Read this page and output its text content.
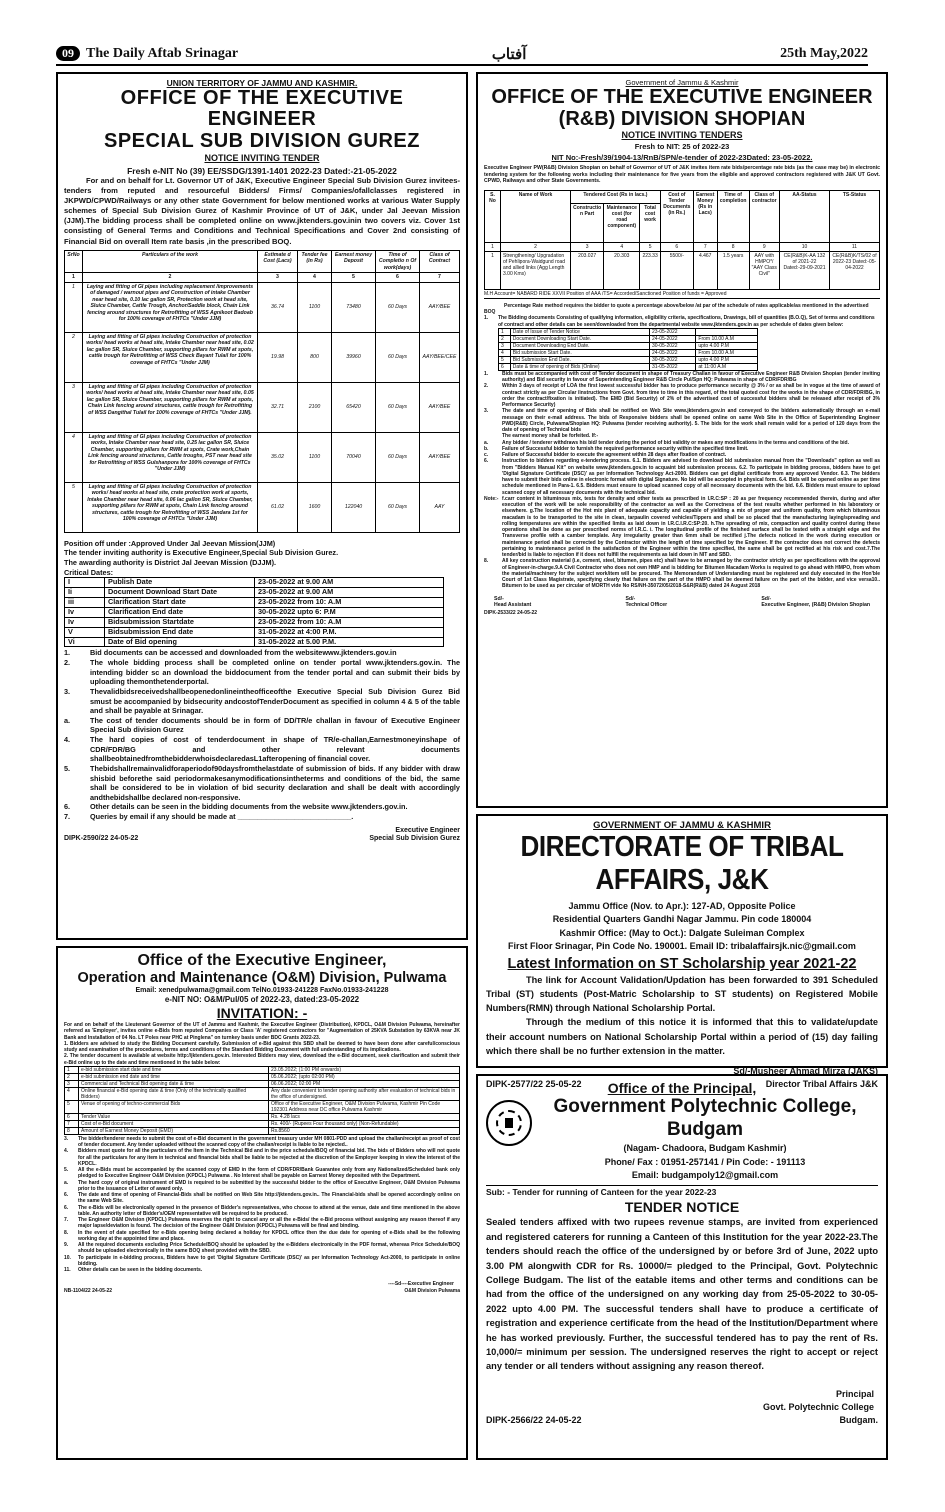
09 The Daily Aftab Srinagar	آفتاب	25th May,2022
UNION TERRITORY OF JAMMU AND KASHMIR.
OFFICE OF THE EXECUTIVE ENGINEER
SPECIAL SUB DIVISION GUREZ
NOTICE INVITING TENDER
Fresh e-NIT No (39) EE/SSDG/1391-1401 2022-23 Dated:-21-05-2022
For and on behalf for Lt. Governor UT of J&K, Executive Engineer Special Sub Division Gurez invitees-tenders from reputed and resourceful Bidders/ Firms/ Companies/ofallclasses registered in JKPWD/CPWD/Railways or any other state Government for below mentioned works at various Water Supply schemes of Special Sub Division Gurez of Kashmir Province of UT of J&K, under Jal Jeevan Mission (JJM).The bidding process shall be completed online on www.jktenders.gov.inin two covers viz. Cover 1st consisting of General Terms and Conditions and Technical Specifications and Cover 2nd consisting of Financial Bid on overall Item rate basis ,in the prescribed BOQ.
SrNo	Particulars of the work	Estimate d Cost (Lacs)	Tender fee (in Rs)	Earnest money Deposit	Time of Completio n Of work(days)	Class of Contract
1	2	3	4	5	6	7
1	Laying and fitting of GI pipes including replacement /improvements of damaged / warnout pipes and Construction of intake Chamber near head site, 0.10 lac gallon SR, Protection work at head site, Sluice Chamber, Cattle Trough, Anchor/Saddle block, Chain Link fencing around structures for Retrofitting of WSS Agnikoot Badoab for 100% coverage of FHTCs "Under JJM)	36.74	1100	73480	60 Days	AAY/BEE
2	Laying and fitting of GI pipes including Construction of protection works/ head works at head site, Intake Chamber near head site, 0.02 lac gallon SR, Sluice Chamber, supporting pillars for RWM at spots, cattle trough for Retrofitting of WSS Check Bayant Tulail for 100% coverage of FHTCs "Under JJM)	19.98	800	39960	60 Days	AAY/BEE/CEE
3	Laying and fitting of GI pipes including Construction of protection works/ head works at head site, Intake Chamber near head site, 0.05 lac gallon SR, Sluice Chamber, supporting pillars for RWM at spots, Chain Link fencing around structures, cattle trough for Retrofitting of WSS Dangithal Tulail for 100% coverage of FHTCs "Under JJM).	32.71	2100	65420	60 Days	AAY/BEE
4	Laying and fitting of GI pipes including Construction of protection works, Intake Chamber near head site, 0.25 lac gallon SR, Sluice Chamber, supporting pillars for RWM at spots, Crate work,Chain Link fencing around structures, Cattle troughs, PST near head site for Retrofitting of WSS Gulshanpora for 100% coverage of FHTCs "Under JJM)	35.02	1100	70040	60 Days	AAY/BEE
5	Laying and fitting of GI pipes including Construction of protection works/ head works at head site, crate protection work at sports, Intake Chamber near head site, 0.06 lac gallon SR, Sluice Chamber, supporting pillars for RWM at spots, Chain Link fencing around structures, cattle trough for Retrofitting of WSS Jandara 1st for 100% coverage of FHTCs "Under JJM)	61.02	1600	122040	60 Days	AAY
Position off under :Approved Under Jal Jeevan Mission(JJM)
The tender inviting authority is Executive Engineer,Special Sub Division Gurez.
The awarding authority is District Jal Jeevan Mission (DJJM).
Critical Dates:
I	Publish Date	23-05-2022 at 9.00 AM
Ii	Document Download Start Date	23-05-2022 at 9.00 AM
iii	Clarification Start date	23-05-2022 from 10: A.M
Iv	Clarification End date	30-05-2022 upto 6: P.M
Iv	Bidsubmission Startdate	23-05-2022 from 10: A.M
V	Bidsubmission End date	31-05-2022 at 4:00 P.M.
Vi	Date of Bid opening	31-05-2022 at 5.00 P.M.
1.	Bid documents can be accessed and downloaded from the websitewww.jktenders.gov.in
2.	The whole bidding process shall be completed online on tender portal www.jktenders.gov.in. The intending bidder sc an download the biddocument from the tender portal and can submit their bids by uploading themonthetenderportal.
3.	Thevalidbidsreceivedshallbeopenedonlineintheofficeofthe Executive Special Sub Division Gurez Bid smust be accompanied by bidsecurity andcostofTenderDocument as specified in column 4 & 5 of the table and shall be payable at Srinagar.
a.	The cost of tender documents should be in form of DD/TR/e challan in favour of Executive Engineer Special Sub division Gurez
4.	The hard copies of cost of tenderdocument in shape of TR/e-challan,Earnestmoneyinshape of CDR/FDR/BG and other relevant documents shallbeobtainedfromthebidderwhoisdeclaredasL1afteropening of financial cover.
5.	Thebidshallremainvalidforaperiodof90daysfromthelastdate of submission of bids. If any bidder with draw shisbid beforethe said periodormakesanymodificationsintheterms and conditions of the bid, the same shall be considered to be in violation of bid security declaration and shall be dealt with accordingly andthebidshallbe declared non-responsive.
6.	Other details can be seen in the bidding documents from the website www.jktenders.gov.in.
7.	Queries by email if any should be made at ____________________________.
Executive Engineer
DIPK-2590/22 24-05-22	Special Sub Division Gurez
Government of Jammu & Kashmir
OFFICE OF THE EXECUTIVE ENGINEER
(R&B) DIVISION SHOPIAN
NOTICE INVITING TENDERS
Fresh to NIT: 25 of 2022-23
NIT No:-Fresh/39/1904-13/RnB/SPN/e-tender of 2022-23Dated: 23-05-2022.
Executive Engineer PW(R&B) Division Shopian on behalf of Governor of UT of J&K invites item rate bids/percentage rate bids (as the case may be) in electronic tendering system for the following works including their maintenance for five years from the eligible and approved contractors registered with J&K UT Govt. CPWD, Railways and other State Governments.
S. No	Name of Work	Tendered Cost (Rs in lacs.)			Cost of Tender Documents (in Rs.)	Earnest Money (Rs in Lacs)	Time of completion	Class of contractor	AA-Status	TS-Status
		Constructio n Part	Maintenance cost (for road component)	Total cost work						
1	2	3	4	5	6	7	8	9	10	11
1	Strengthening/ Upgradation of Pehlipora-Waidgund road and allied links (Agg Length 3.00 Kms)	203.027	20.303	223.33	5500/-	4.467	1.5 years	AAY with HMPO*/ "AAY Class Civil"	CE(R&B)K-AA 132 of 2021-22 Dated:-29-09-2021	CE(R&B)K/TS/02 of 2022-23 Dated:-05-04-2022
M.H Account= NABARD RIDE XXVII Position of AAA /TS= Accorded/Sanctioned Position of funds = Approved
Percentage Rate method requires the bidder to quote a percentage above/below /at par of the schedule of rates applicable/as mentioned in the advertised BOQ
1.	The Bidding documents Consisting of qualifying information, eligibility criteria, specifications, Drawings, bill of quantities (B.O.Q), Set of terms and conditions of contract and other details can be seen/downloaded from the departmental website www.jktenders.gov.in as per schedule of dates given below:
1	Date of Issue of Tender Notice	23-05-2022	
2	Document Downloading Start Date.	24-05-2022	From 10.00 A.M
3	Document Downloading End Date.	30-05-2022	upto 4.00 P.M
4	Bid submission Start Date.	24-05-2022	From 10.00 A.M
5	Bid Submission End Date.	30-05-2022	upto 4.00 P.M
6	Date & time of opening of Bids (Online)	31-05-2022	at 11:00 A.M
1.	Bids must be accompanied with cost of Tender document in shape of Treasury Challan in favour of Executive Engineer R&B Division Shopian (tender inviting authority) and Bid security in favour of Superintending Engineer R&B Circle Pul/Spn HQ: Pulwama in shape of CDR/FDR/BG
2.	Within 3 days of receipt of LOA the first lowest successful bidder has to produce performance security @ 3% / or as shall be in vogue at the time of award of contract strictly as per Circular /instructions from Govt. from time to time in this regard, of the total quoted cost for the works in the shape of CDR/FDR/BG, in order the contract/fixation is initiated). The EMD (Bid Security) of 2% of the advertised cost of successful bidders shall be released after receipt of 3% Performance Security)
3.	The date and time of opening of Bids shall be notified on Web Site www.jktenders.gov.in and conveyed to the bidders automatically through an e-mail message on their e-mail address. The bids of Responsive bidders shall be opened online on same Web Site in the Office of Superintending Engineer PWD(R&B) Circle, Pulwama/Shopian HQ: Pulwama (tender receiving authority). 5. The bids for the work shall remain valid for a period of 120 days from the date of opening of Technical bids
The earnest money shall be forfeited. If:-
a.	Any bidder / tenderer withdraws his bid/ tender during the period of bid validity or makes any modifications in the terms and conditions of the bid.
b.	Failure of Successful bidder to furnish the required performance security within the specified time limit.
c.	Failure of Successful bidder to execute the agreement within 28 days after fixation of contract.
6.	Instruction to bidders regarding e-tendering process. 6.1. Bidders are advised to download bid submission manual from the "Downloads" option as well as from "Bidders Manual Kit" on website www.jktenders.gov.in to acquaint bid submission process. 6.2. To participate in bidding process, bidders have to get 'Digital Signature Certificate (DSC)' as per Information Technology Act-2000. Bidders can get digital certificate from any approved Vendor. 6.3. The bidders have to submit their bids online in electronic format with digital Signature. No bid will be accepted in physical form. 6.4. Bids will be opened online as per time schedule mentioned in Para-1. 6.5. Bidders must ensure to upload scanned copy of all necessary documents with the bid. 6.6. Bidders must ensure to upload scanned copy of all necessary documents with the technical bid.
Note:- f.carr content in bituminous mix, tests for density and other tests as prescribed in I.R.C:SP : 20 as per frequency recommended therein, during and after execution of the work will be sole responsibility of the contractor as well as the Correctness of the test results whether performed in his laboratory or elsewhere. g.The location of the Hot mix plant of adequate capacity and capable of yielding a mix of proper and uniform quality, from which bituminous macadam is to be transported to the site in clean, tarpaulin covered vehicles/Tippers and shall be so placed that the manufacturing laying/spreading and rolling temperatures are within the specified limits as laid down in I.R.C.I.R.C:SP:20. h.The spreading of mix, compaction and quality control during these operations shall be done as per prescribed norms of I.R.C. i. The longitudinal profile of the finished surface shall be tested with a straight edge and the Transverse profile with a camber template. Any irregularity greater than 6mm shall be rectified j.The defects noticed in the work during execution or maintenance period shall be corrected by the Contractor within the length of time specified by the Engineer. If the contractor does not correct the defects pertaining to maintenance period in the satisfaction of the Engineer within the time specified, the same shall be got rectified at his risk and cost.7.The tender/bid is liable to rejection if it does not fulfill the requirements as laid down in NIT and SBD.
8.	All key construction material (i.e, cement, steel, bitumen, pipes etc) shall have to be arranged by the contractor strictly as per specifications with the approval of Engineer-in-charge.9.A Civil Contractor who does not own HMP and is bidding for Bitumen Macadam Works is required to go ahead with HMPO, from whom the material/machinery for the subject work/item will be procured. The Memorandum of Understanding must be registered and duly executed in the Hon'ble Court of 1st Class Magistrate, specifying clearly that failure on the part of the HMPO shall be deemed failure on the part of the bidder, and vice versa10.. Bitumen to be used as per circular of MORTH vide No RS/NH-35072/05/2018-S&R(R&B) dated 24 August 2018
Sd/-
Head Assistant
Sd/-
Technical Officer
Sd/-
Executive Engineer, (R&B) Division Shopian
DIPK-2533/22 24-05-22
GOVERNMENT OF JAMMU & KASHMIR
DIRECTORATE OF TRIBAL AFFAIRS, J&K
Jammu Office (Nov. to Apr.): 127-AD, Opposite Police
Residential Quarters Gandhi Nagar Jammu. Pin code 180004
Kashmir Office: (May to Oct.): Dalgate Suleiman Complex
First Floor Srinagar, Pin Code No. 190001. Email ID: tribalaffairsjk.nic@gmail.com
Latest Information on ST Scholarship year 2021-22
The link for Account Validation/Updation has been forwarded to 391 Scheduled Tribal (ST) students (Post-Matric Scholarship to ST students) on Registered Mobile Numbers(RMN) through National Scholarship Portal.
Through the medium of this notice it is informed that this to validate/update their account numbers on National Scholarship Portal within a period of (15) day failing which there shall be no further extension in the matter.
Sd/-Musheer Ahmad Mirza (JAKS)
DIPK-2577/22 25-05-22	Director Tribal Affairs J&K
Office of the Executive Engineer,
Operation and Maintenance (O&M) Division, Pulwama
Email: xenedpulwama@gmail.com TelNo.01933-241228 FaxNo.01933-241228
e-NIT NO: O&M/Pul/05 of 2022-23, dated:23-05-2022
INVITATION: -
For and on behalf of the Lieutenant Governor of the UT of Jammu and Kashmir, the Executive Engineer (Distribution), KPDCL, O&M Division Pulwama, hereinafter referred as 'Employer', invites online e-Bids from reputed Companies or Class 'A' registered contractors for "Augmentation of 25KVA Substation by 63KVA near JK Bank and Installation of 04 No. LT Poles near PHC at Pinglena" on turnkey basis under BDC Grants 2022-23.
1. Bidders are advised to study the Bidding Document carefully. Submission of e-Bid against this SBD shall be deemed to have been done after careful/conscious study and examination of the procedures, terms and conditions of the Standard Bidding Document with full understanding of its implications.
2. The tender document is available at website http://jktenders.gov.in. Interested Bidders may view, download the e-Bid document, seek clarification and submit their e-Bid online up to the date and time mentioned in the table below:
1	e-bid submission start date and time	23.05.2022; (1:00 PM onwards)
2	e-bid submission end date and time	05.06.2022; (upto 02:00 PM)
3	Commercial and Technical Bid opening date & time	06.06.2022; 02:00 PM
4	Online financial e-Bid opening date & time (Only of the technically qualified Bidders)	Any date convenient to tender opening authority after evaluation of technical bids in the office of undersigned.
5	Venue of opening of techno-commercial Bids	Office of the Executive Engineer, O&M Division Pulwama, Kashmir Pin Code 192301 Address near DC office Pulwama Kashmir
6	Tender Value	Rs. 4.28 lacs
7	Cost of e-Bid document	Rs. 400/- (Rupees Four thousand only) (Non-Refundable)
8	Amount of Earnest Money Deposit (EMD)	Rs.8560
3.	The bidder/tenderer needs to submit the cost of e-Bid document in the government treasury under MH 0801-PDD and upload the challan/receipt as proof of cost of tender document. Any tender uploaded without the scanned copy of the challan/receipt is liable to be rejected..
4.	Bidders must quote for all the particulars of the Item in the Technical Bid and in the price schedule/BOQ of financial bid. The bids of Bidders who will not quote for all the particulars for any item in technical and financial bids shall be liable to be rejected at the discretion of the Employer keeping in view the interest of the KPDCL.
5.	All the e-Bids must be accompanied by the scanned copy of EMD in the form of CDR/FDR/Bank Guarantee only from any Nationalized/Scheduled bank only pledged to Executive Engineer O&M Division (KPDCL) Pulwama . No Interest shall be payable on Earnest Money deposited with the Department.
a.	The hard copy of original instrument of EMD is required to be submitted by the successful bidder to the office of Executive Engineer, O&M Division Pulwama prior to the issuance of Letter of award only.
6.	The date and time of opening of Financial-Bids shall be notified on Web Site http://jktenders.gov.in.. The Financial-bids shall be opened accordingly online on the same Web Site.
6.	The e-Bids will be electronically opened in the presence of Bidder's representatives, who choose to attend at the venue, date and time mentioned in the above table. An authority letter of Bidder's/OEM representative will be required to be produced.
7.	The Engineer O&M Division (KPDCL) Pulwama reserves the right to cancel any or all the e-Bids/ the e-Bid process without assigning any reason thereof if any major lapse/deviation is found. The decision of the Engineer O&M Division (KPDCL) Pulwama will be final and binding.
8.	In the event of date specified for e-Bids opening being declared a holiday for KPDCL office then the due date for opening of e-Bids shall be the following working day at the appointed time and place.
9.	All the required documents excluding Price Schedule/BOQ should be uploaded by the e-Bidders electronically in the PDF format, whereas Price Schedule/BOQ should be uploaded electronically in the same BOQ sheet provided with the SBD.
10.	To participate in e-bidding process, Bidders have to get 'Digital Signature Certificate (DSC)' as per Information Technology Act-2000, to participate in online bidding.
11.	Other details can be seen in the bidding documents.
----Sd----Executive Engineer
NB-1104/22 24-05-22	O&M Division Pulwama
Office of the Principal,
Government Polytechnic College, Budgam
(Nagam- Chadoora, Budgam Kashmir)
Phone/ Fax : 01951-257141 / Pin Code: - 191113
Email: budgampoly12@gmail.com
Sub: - Tender for running of Canteen for the year 2022-23
TENDER NOTICE
Sealed tenders affixed with two rupees revenue stamps, are invited from experienced and registered caterers for running a Canteen of this Institution for the year 2022-23.The tenders should reach the office of the undersigned by or before 3rd of June, 2022 upto 3.00 PM alongwith CDR for Rs. 10000/= pledged to the Principal, Govt. Polytechnic College Budgam. The list of the eatable items and other terms and conditions can be had from the office of the undersigned on any working day from 25-05-2022 to 30-05-2022 upto 4.00 PM. The successful tenders shall have to produce a certificate of registration and experience certificate from the head of the Institution/Department where he has worked previously. Further, the successful tendered has to pay the rent of Rs. 10,000/= minimum per session. The undersigned reserves the right to accept or reject any tender or all tenders without assigning any reason thereof.
Principal
Govt. Polytechnic College
DIPK-2566/22 24-05-22	Budgam.
